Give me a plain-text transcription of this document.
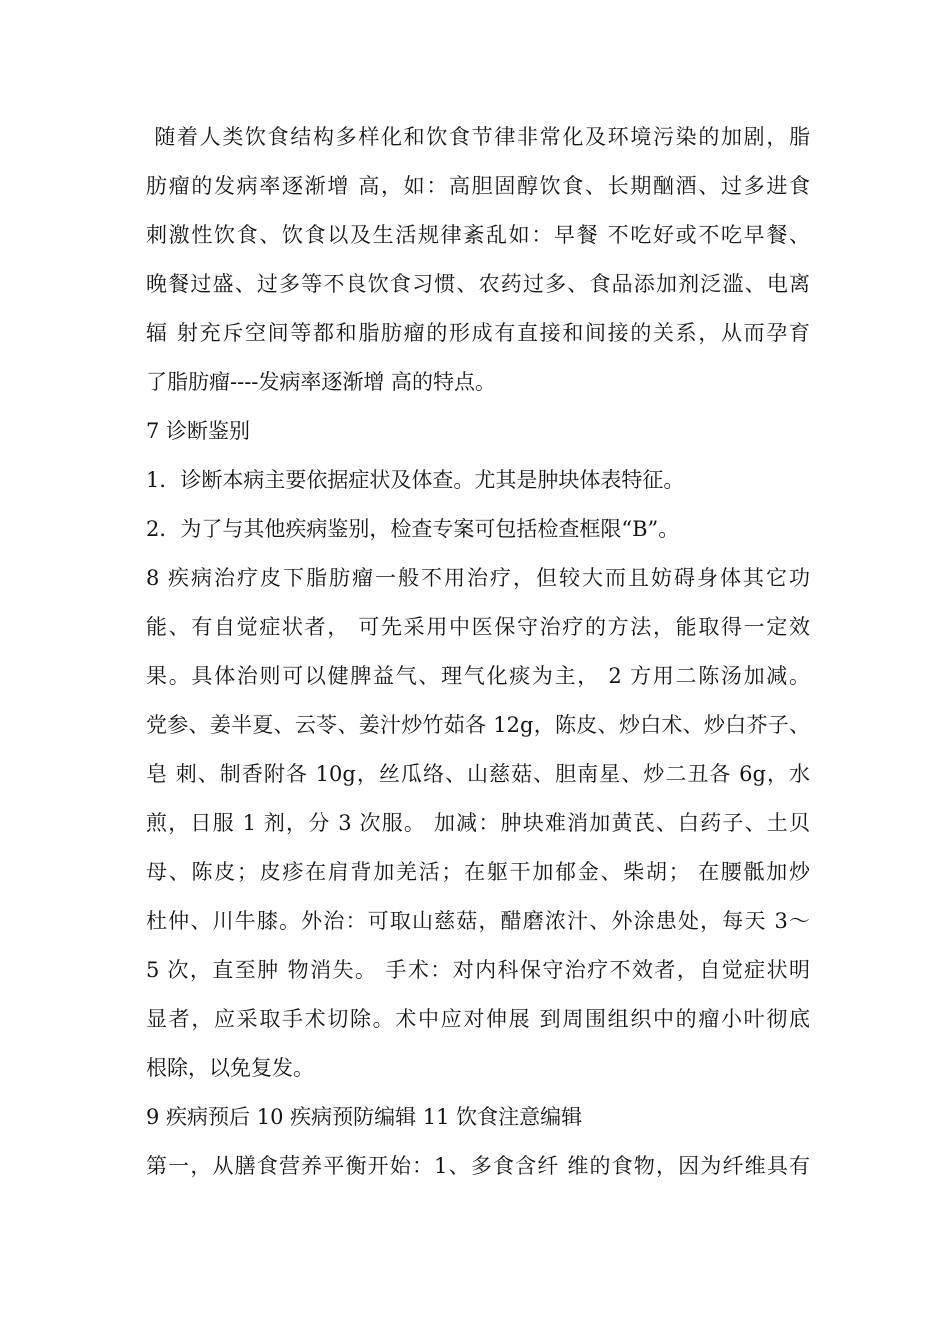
随着人类饮食结构多样化和饮食节律非常化及环境污染的加剧，脂
肪瘤的发病率逐渐增 高，如：高胆固醇饮食、长期酗酒、过多进食
刺激性饮食、饮食以及生活规律紊乱如：早餐 不吃好或不吃早餐、
晚餐过盛、过多等不良饮食习惯、农药过多、食品添加剂泛滥、电离
辐 射充斥空间等都和脂肪瘤的形成有直接和间接的关系，从而孕育
了脂肪瘤----发病率逐渐增 高的特点。
7 诊断鉴别
1．诊断本病主要依据症状及体查。尤其是肿块体表特征。
2．为了与其他疾病鉴别，检查专案可包括检查框限“B”。
8 疾病治疗皮下脂肪瘤一般不用治疗，但较大而且妨碍身体其它功
能、有自觉症状者， 可先采用中医保守治疗的方法，能取得一定效
果。具体治则可以健脾益气、理气化痰为主， 2 方用二陈汤加减。
党参、姜半夏、云苓、姜汁炒竹茹各 12g，陈皮、炒白术、炒白芥子、
皂 刺、制香附各 10g，丝瓜络、山慈菇、胆南星、炒二丑各 6g，水
煎，日服 1 剂，分 3 次服。 加减：肿块难消加黄芪、白药子、土贝
母、陈皮；皮疹在肩背加羌活；在躯干加郁金、柴胡； 在腰骶加炒
杜仲、川牛膝。外治：可取山慈菇，醋磨浓汁、外涂患处，每天 3～
5 次，直至肿 物消失。 手术：对内科保守治疗不效者，自觉症状明
显者，应采取手术切除。术中应对伸展 到周围组织中的瘤小叶彻底
根除，以免复发。
9 疾病预后 10 疾病预防编辑 11 饮食注意编辑
第一，从膳食营养平衡开始：1、多食含纤 维的食物，因为纤维具有
